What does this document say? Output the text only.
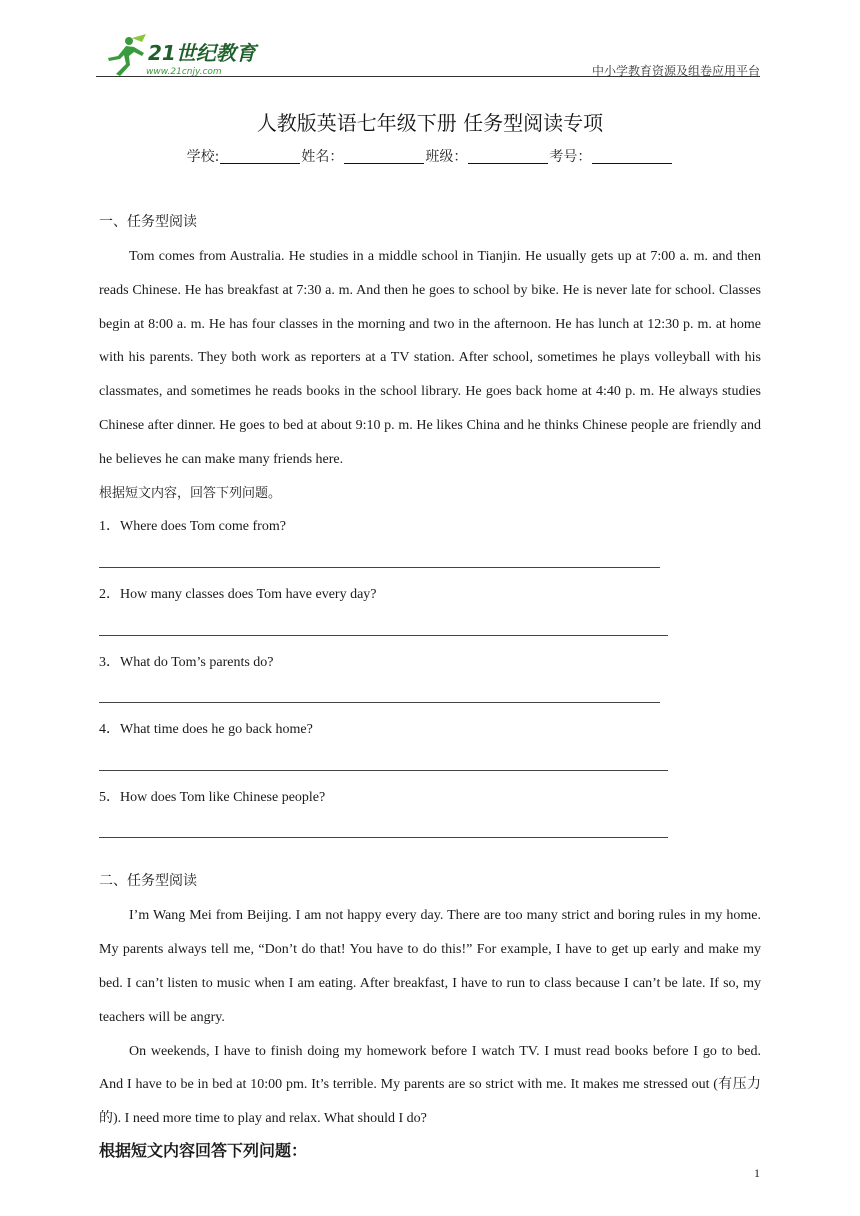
21世纪教育
www.21cnjy.com	中小学教育资源及组卷应用平台
人教版英语七年级下册 任务型阅读专项
学校:	姓名：	班级：	考号：

一、任务型阅读

Tom comes from Australia. He studies in a middle school in Tianjin. He usually gets up at 7:00 a. m. and then reads Chinese. He has breakfast at 7:30 a. m. And then he goes to school by bike. He is never late for school. Classes begin at 8:00 a. m. He has four classes in the morning and two in the afternoon. He has lunch at 12:30 p. m. at home with his parents. They both work as reporters at a TV station. After school, sometimes he plays volleyball with his classmates, and sometimes he reads books in the school library. He goes back home at 4:40 p. m. He always studies Chinese after dinner. He goes to bed at about 9:10 p. m. He likes China and he thinks Chinese people are friendly and he believes he can make many friends here.

根据短文内容，回答下列问题。

1．Where does Tom come from?

2．How many classes does Tom have every day?

3．What do Tom’s parents do?

4．What time does he go back home?

5．How does Tom like Chinese people?

二、任务型阅读

I’m Wang Mei from Beijing. I am not happy every day. There are too many strict and boring rules in my home. My parents always tell me, “Don’t do that! You have to do this!” For example, I have to get up early and make my bed. I can’t listen to music when I am eating. After breakfast, I have to run to class because I can’t be late. If so, my teachers will be angry.

On weekends, I have to finish doing my homework before I watch TV. I must read books before I go to bed. And I have to be in bed at 10:00 pm. It’s terrible. My parents are so strict with me. It makes me stressed out (有压力的). I need more time to play and relax. What should I do?

根据短文内容回答下列问题：

1
